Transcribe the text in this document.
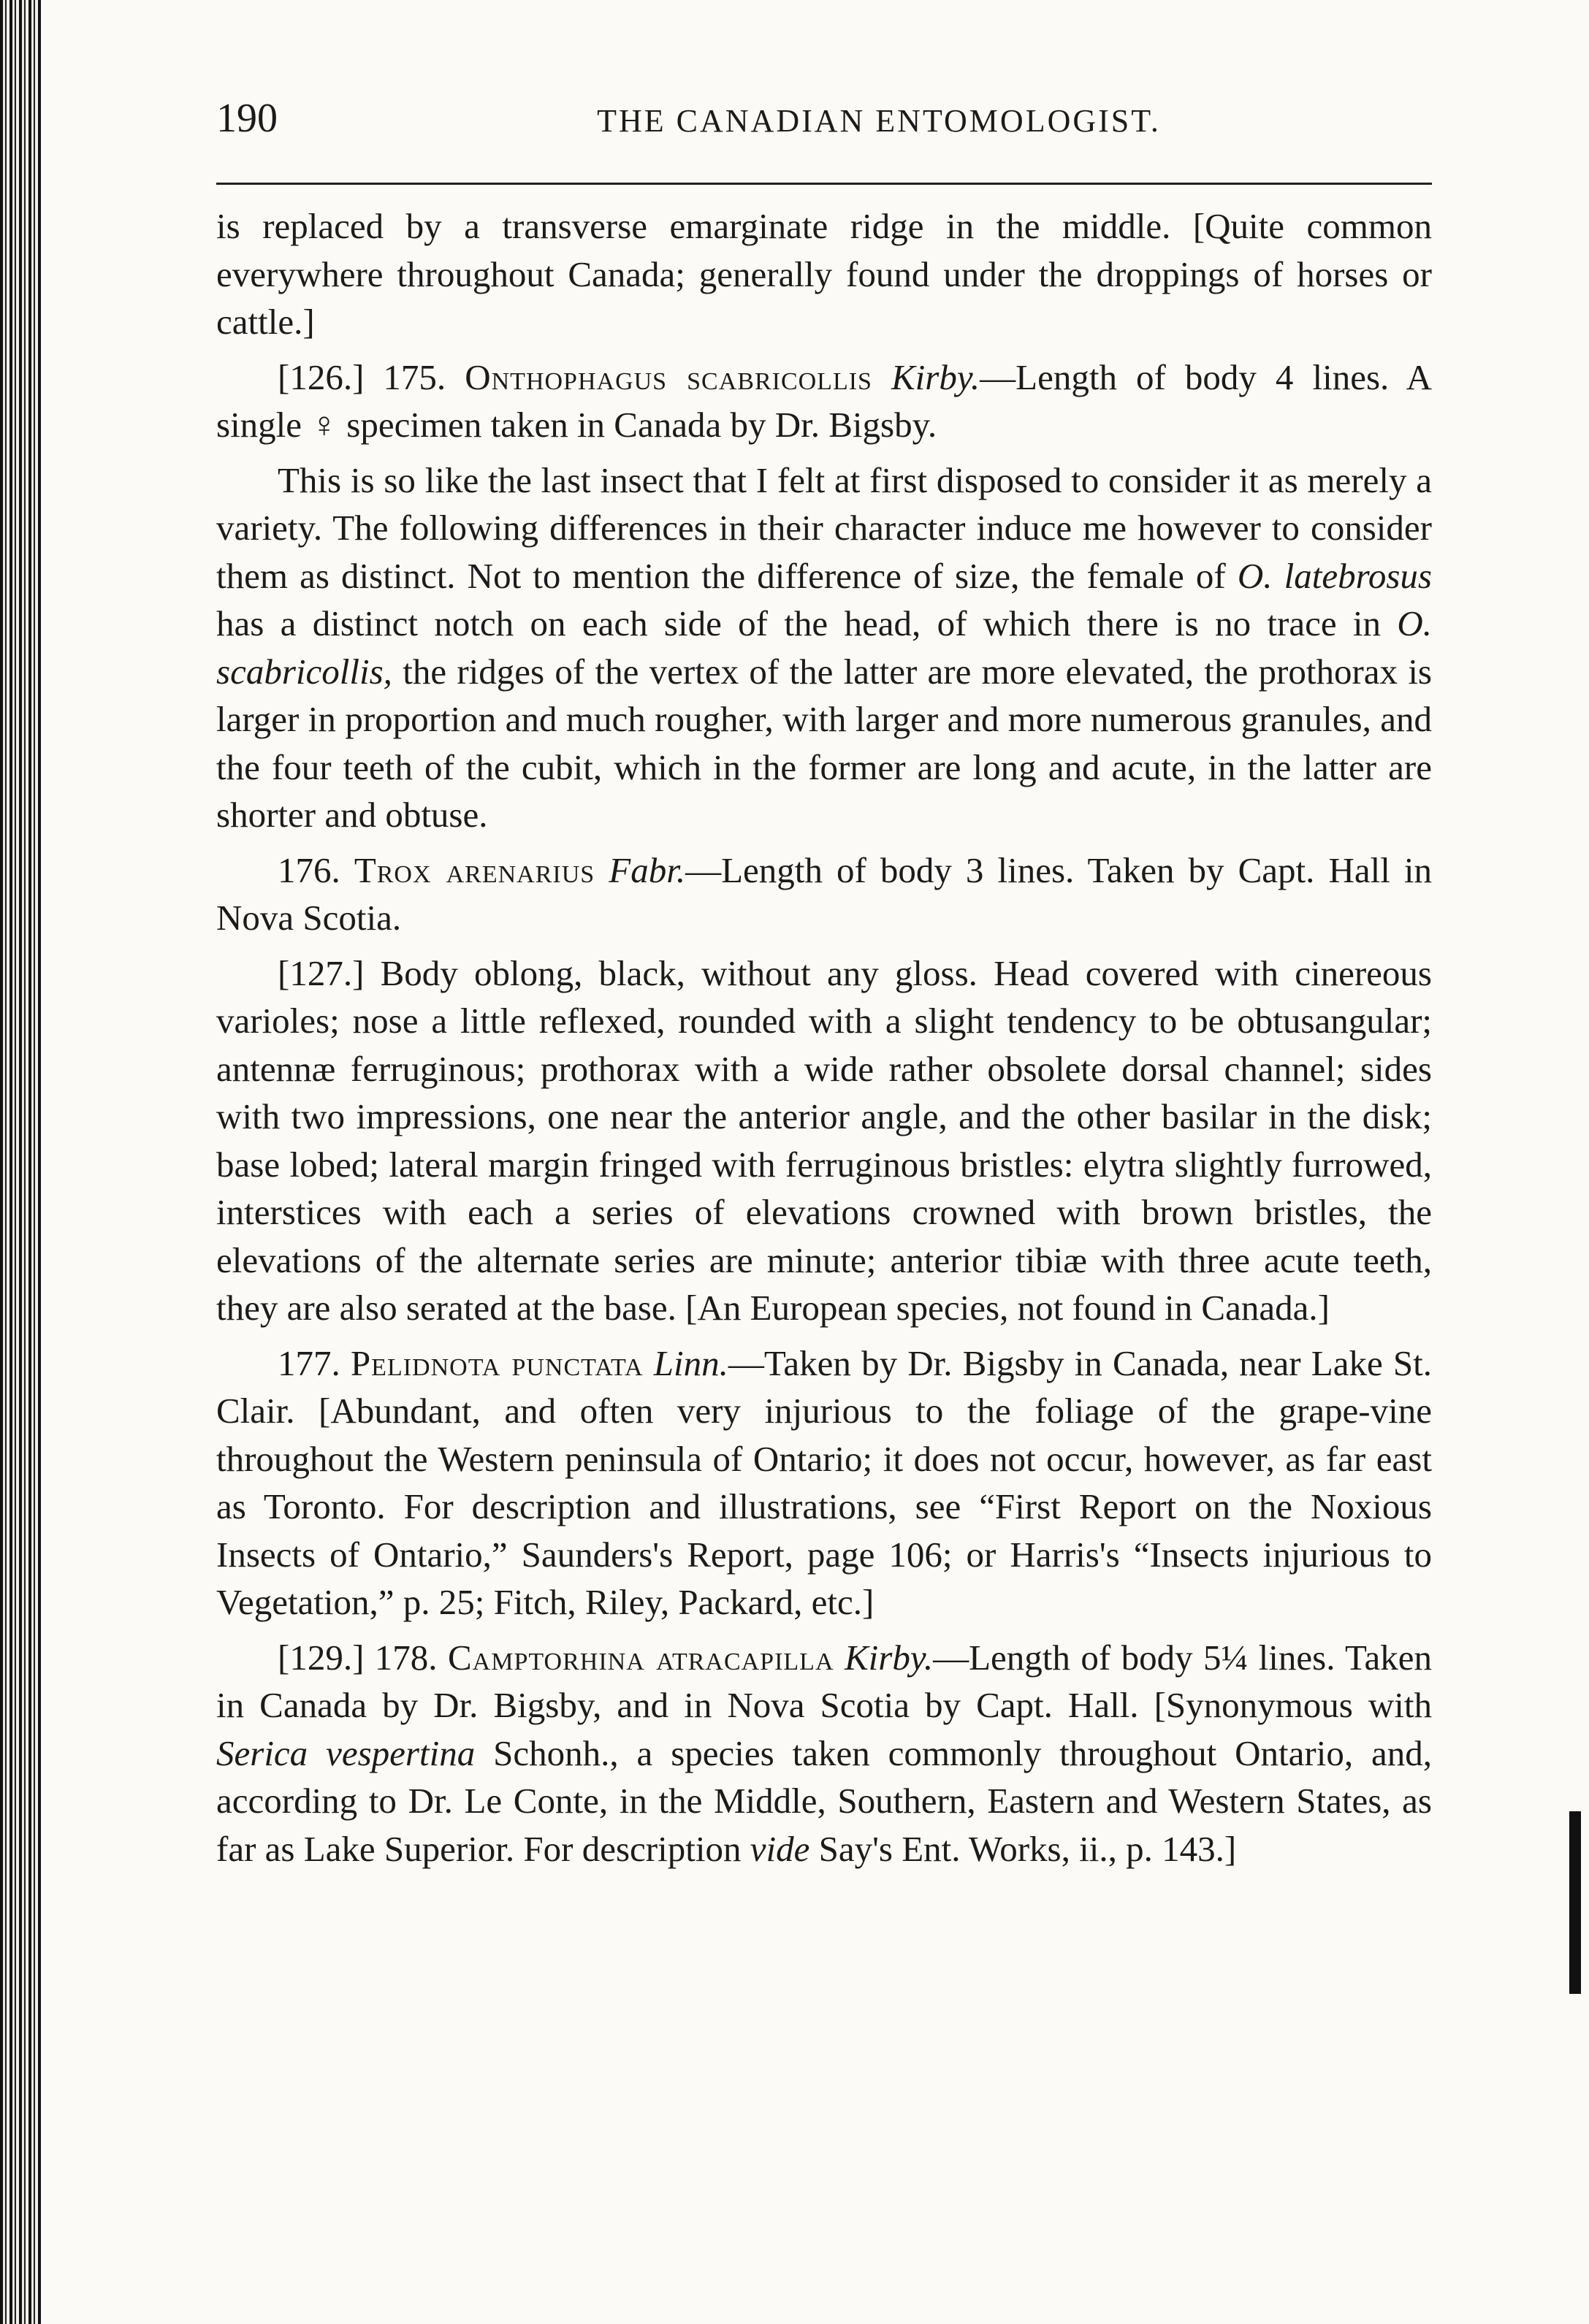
190	THE CANADIAN ENTOMOLOGIST.

is replaced by a transverse emarginate ridge in the middle. [Quite common everywhere throughout Canada; generally found under the droppings of horses or cattle.]

[126.] 175. Onthophagus scabricollis Kirby.—Length of body 4 lines. A single ♀ specimen taken in Canada by Dr. Bigsby.

This is so like the last insect that I felt at first disposed to consider it as merely a variety. The following differences in their character induce me however to consider them as distinct. Not to mention the difference of size, the female of O. latebrosus has a distinct notch on each side of the head, of which there is no trace in O. scabricollis, the ridges of the vertex of the latter are more elevated, the prothorax is larger in proportion and much rougher, with larger and more numerous granules, and the four teeth of the cubit, which in the former are long and acute, in the latter are shorter and obtuse.

176. Trox arenarius Fabr.—Length of body 3 lines. Taken by Capt. Hall in Nova Scotia.

[127.] Body oblong, black, without any gloss. Head covered with cinereous varioles; nose a little reflexed, rounded with a slight tendency to be obtusangular; antennæ ferruginous; prothorax with a wide rather obsolete dorsal channel; sides with two impressions, one near the anterior angle, and the other basilar in the disk; base lobed; lateral margin fringed with ferruginous bristles: elytra slightly furrowed, interstices with each a series of elevations crowned with brown bristles, the elevations of the alternate series are minute; anterior tibiæ with three acute teeth, they are also serated at the base. [An European species, not found in Canada.]

177. Pelidnota punctata Linn.—Taken by Dr. Bigsby in Canada, near Lake St. Clair. [Abundant, and often very injurious to the foliage of the grape-vine throughout the Western peninsula of Ontario; it does not occur, however, as far east as Toronto. For description and illustrations, see “First Report on the Noxious Insects of Ontario,” Saunders's Report, page 106; or Harris's “Insects injurious to Vegetation,” p. 25; Fitch, Riley, Packard, etc.]

[129.] 178. Camptorhina atracapilla Kirby.—Length of body 5¼ lines. Taken in Canada by Dr. Bigsby, and in Nova Scotia by Capt. Hall. [Synonymous with Serica vespertina Schonh., a species taken commonly throughout Ontario, and, according to Dr. Le Conte, in the Middle, Southern, Eastern and Western States, as far as Lake Superior. For description vide Say's Ent. Works, ii., p. 143.]
